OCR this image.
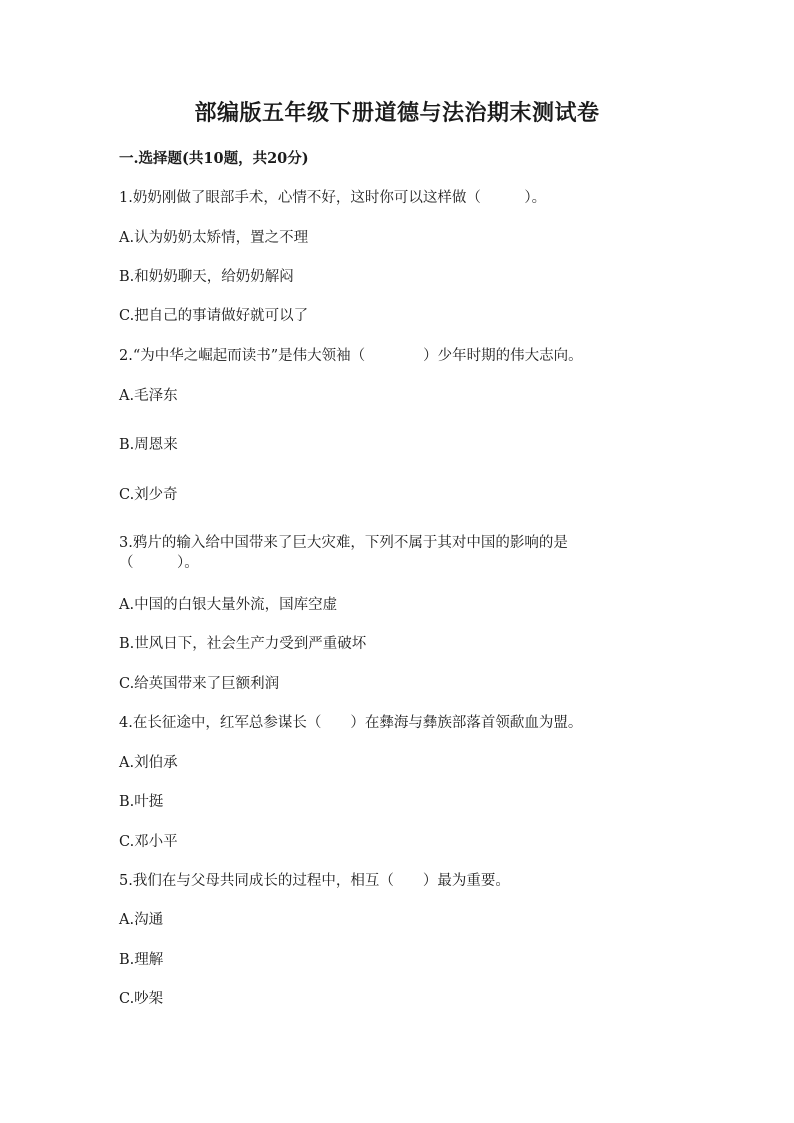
部编版五年级下册道德与法治期末测试卷
一.选择题(共10题，共20分)
1.奶奶刚做了眼部手术，心情不好，这时你可以这样做（　　　）。
A.认为奶奶太矫情，置之不理
B.和奶奶聊天，给奶奶解闷
C.把自己的事请做好就可以了
2.“为中华之崛起而读书”是伟大领袖（　　　　）少年时期的伟大志向。
A.毛泽东
B.周恩来
C.刘少奇
3.鸦片的输入给中国带来了巨大灾难，下列不属于其对中国的影响的是（　　　）。
A.中国的白银大量外流，国库空虚
B.世风日下，社会生产力受到严重破坏
C.给英国带来了巨额利润
4.在长征途中，红军总参谋长（　　）在彝海与彝族部落首领歃血为盟。
A.刘伯承
B.叶挺
C.邓小平
5.我们在与父母共同成长的过程中，相互（　　）最为重要。
A.沟通
B.理解
C.吵架
